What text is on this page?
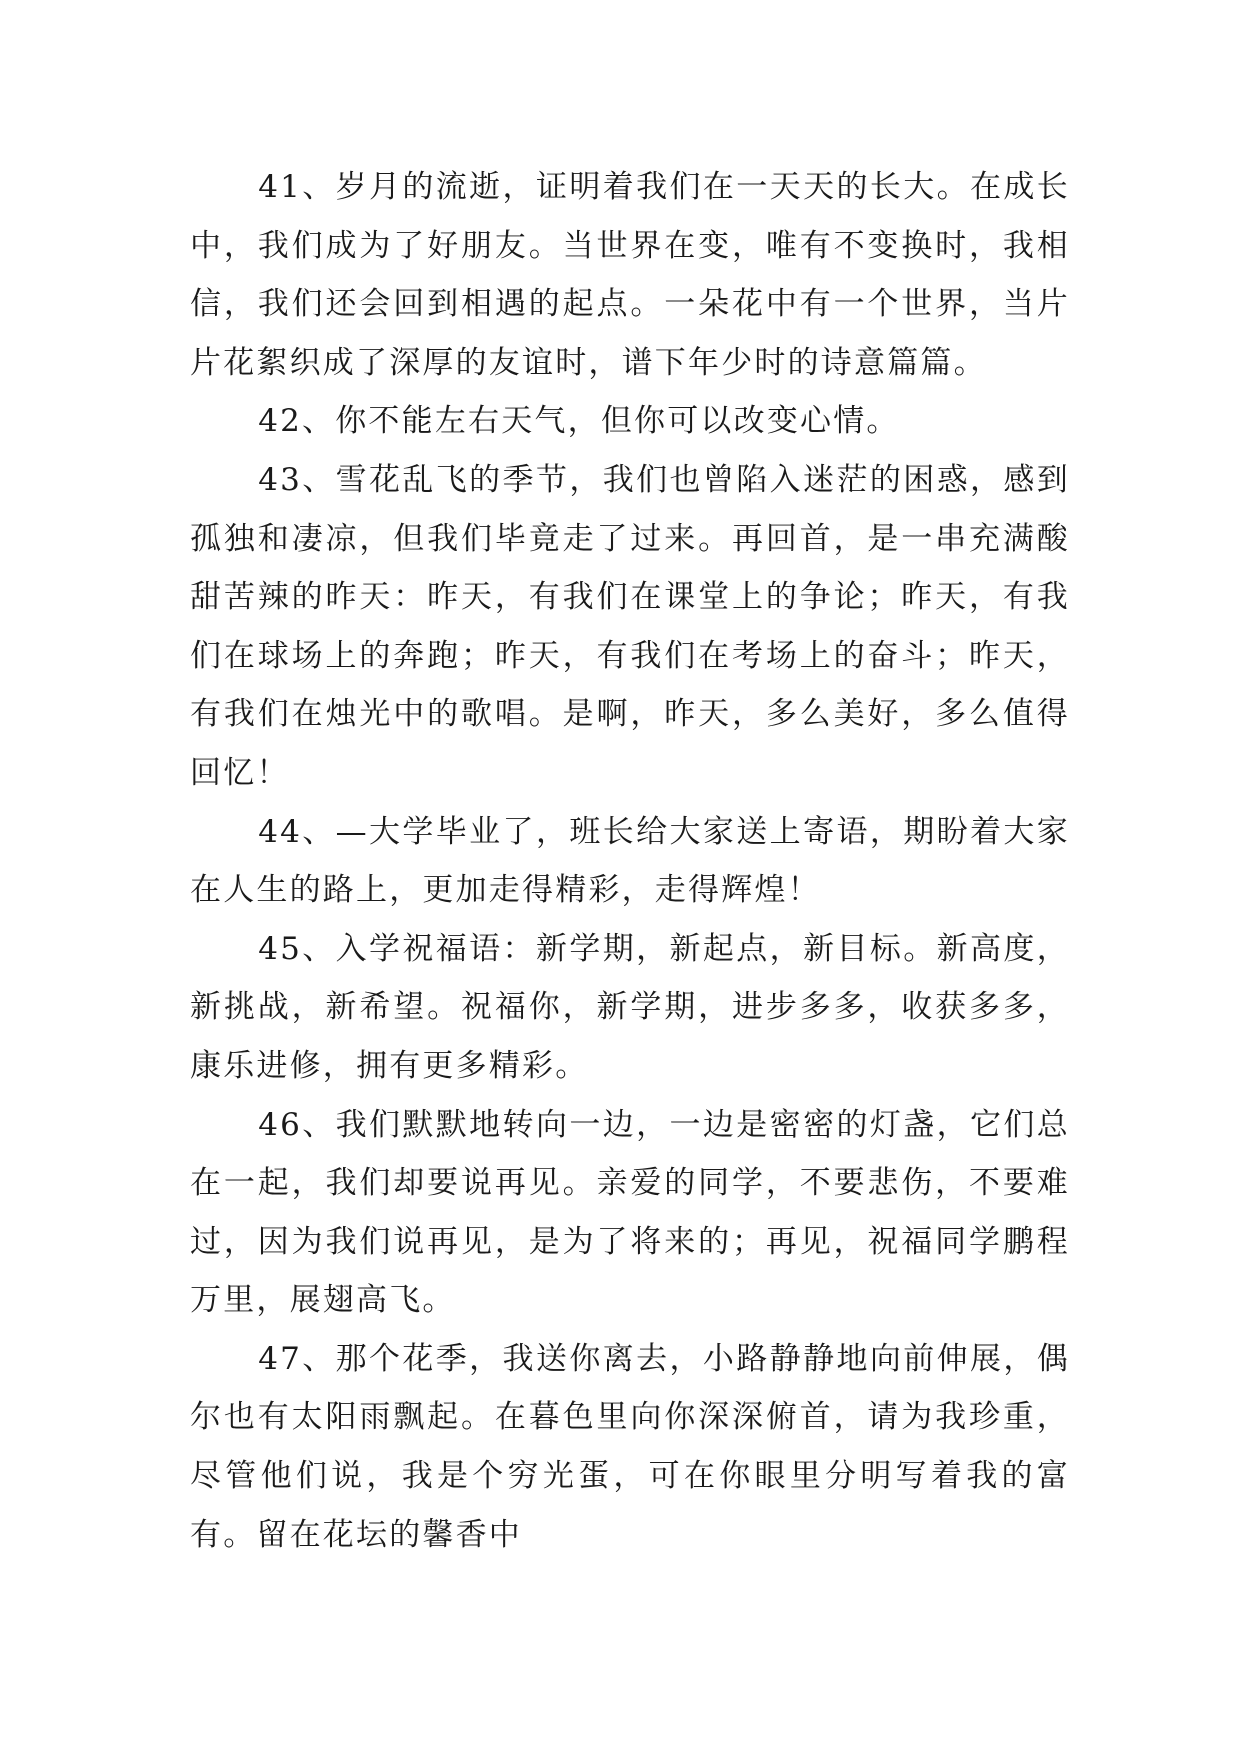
41、岁月的流逝，证明着我们在一天天的长大。在成长中，我们成为了好朋友。当世界在变，唯有不变换时，我相信，我们还会回到相遇的起点。一朵花中有一个世界，当片片花絮织成了深厚的友谊时，谱下年少时的诗意篇篇。

42、你不能左右天气，但你可以改变心情。

43、雪花乱飞的季节，我们也曾陷入迷茫的困惑，感到孤独和凄凉，但我们毕竟走了过来。再回首，是一串充满酸甜苦辣的昨天：昨天，有我们在课堂上的争论；昨天，有我们在球场上的奔跑；昨天，有我们在考场上的奋斗；昨天，有我们在烛光中的歌唱。是啊，昨天，多么美好，多么值得回忆！

44、—大学毕业了，班长给大家送上寄语，期盼着大家在人生的路上，更加走得精彩，走得辉煌！

45、入学祝福语：新学期，新起点，新目标。新高度，新挑战，新希望。祝福你，新学期，进步多多，收获多多，康乐进修，拥有更多精彩。

46、我们默默地转向一边，一边是密密的灯盏，它们总在一起，我们却要说再见。亲爱的同学，不要悲伤，不要难过，因为我们说再见，是为了将来的；再见，祝福同学鹏程万里，展翅高飞。

47、那个花季，我送你离去，小路静静地向前伸展，偶尔也有太阳雨飘起。在暮色里向你深深俯首，请为我珍重，尽管他们说，我是个穷光蛋，可在你眼里分明写着我的富有。留在花坛的馨香中
